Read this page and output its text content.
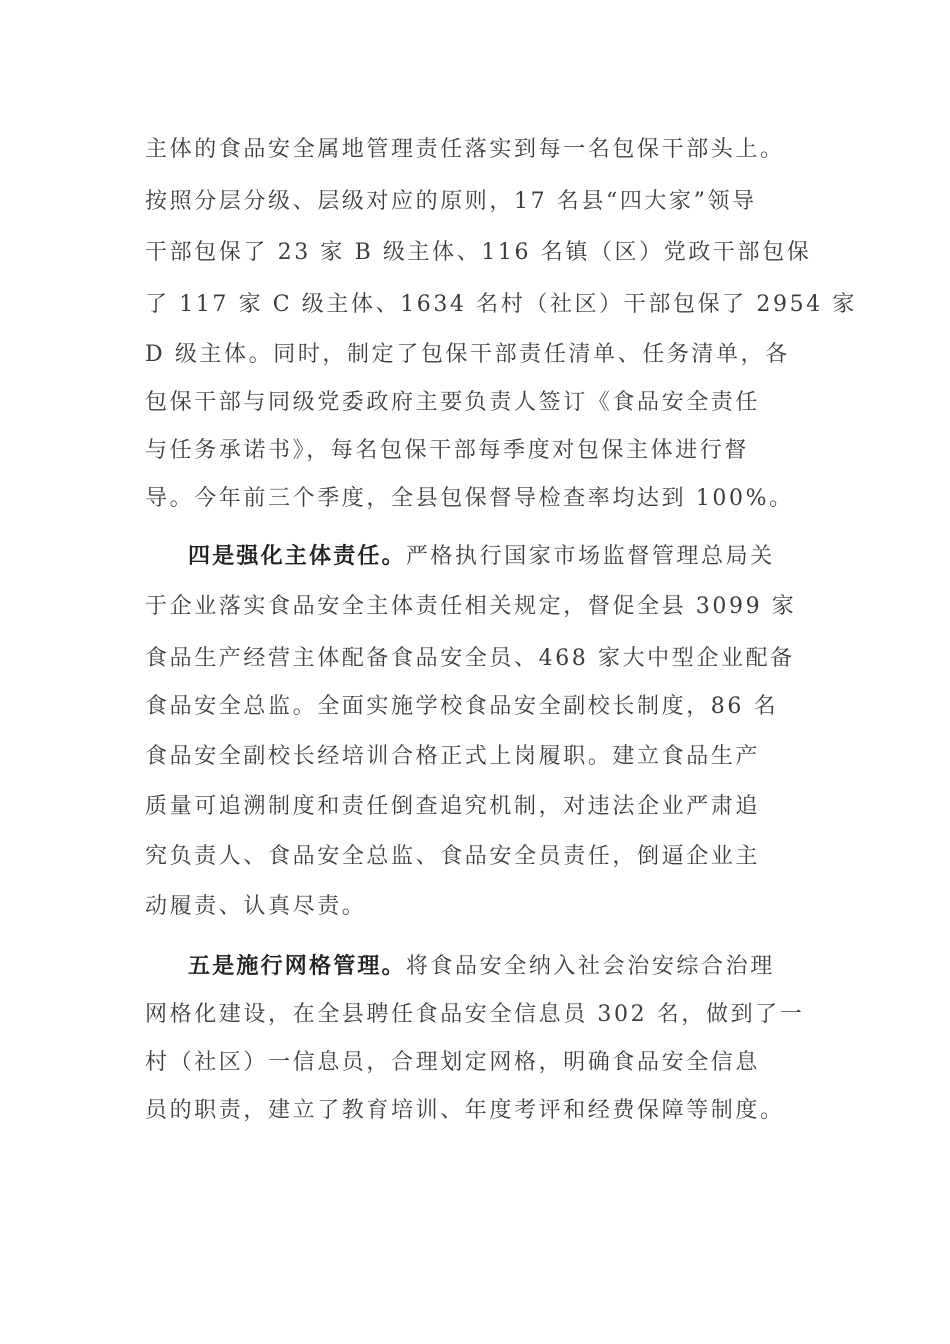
主体的食品安全属地管理责任落实到每一名包保干部头上。
按照分层分级、层级对应的原则，17 名县“四大家”领导
干部包保了 23 家 B 级主体、116 名镇（区）党政干部包保
了 117 家 C 级主体、1634 名村（社区）干部包保了 2954 家
D 级主体。同时，制定了包保干部责任清单、任务清单，各
包保干部与同级党委政府主要负责人签订《食品安全责任
与任务承诺书》，每名包保干部每季度对包保主体进行督
导。今年前三个季度，全县包保督导检查率均达到 100%。
四是强化主体责任。严格执行国家市场监督管理总局关
于企业落实食品安全主体责任相关规定，督促全县 3099 家
食品生产经营主体配备食品安全员、468 家大中型企业配备
食品安全总监。全面实施学校食品安全副校长制度，86 名
食品安全副校长经培训合格正式上岗履职。建立食品生产
质量可追溯制度和责任倒查追究机制，对违法企业严肃追
究负责人、食品安全总监、食品安全员责任，倒逼企业主
动履责、认真尽责。
五是施行网格管理。将食品安全纳入社会治安综合治理
网格化建设，在全县聘任食品安全信息员 302 名，做到了一
村（社区）一信息员，合理划定网格，明确食品安全信息
员的职责，建立了教育培训、年度考评和经费保障等制度。
